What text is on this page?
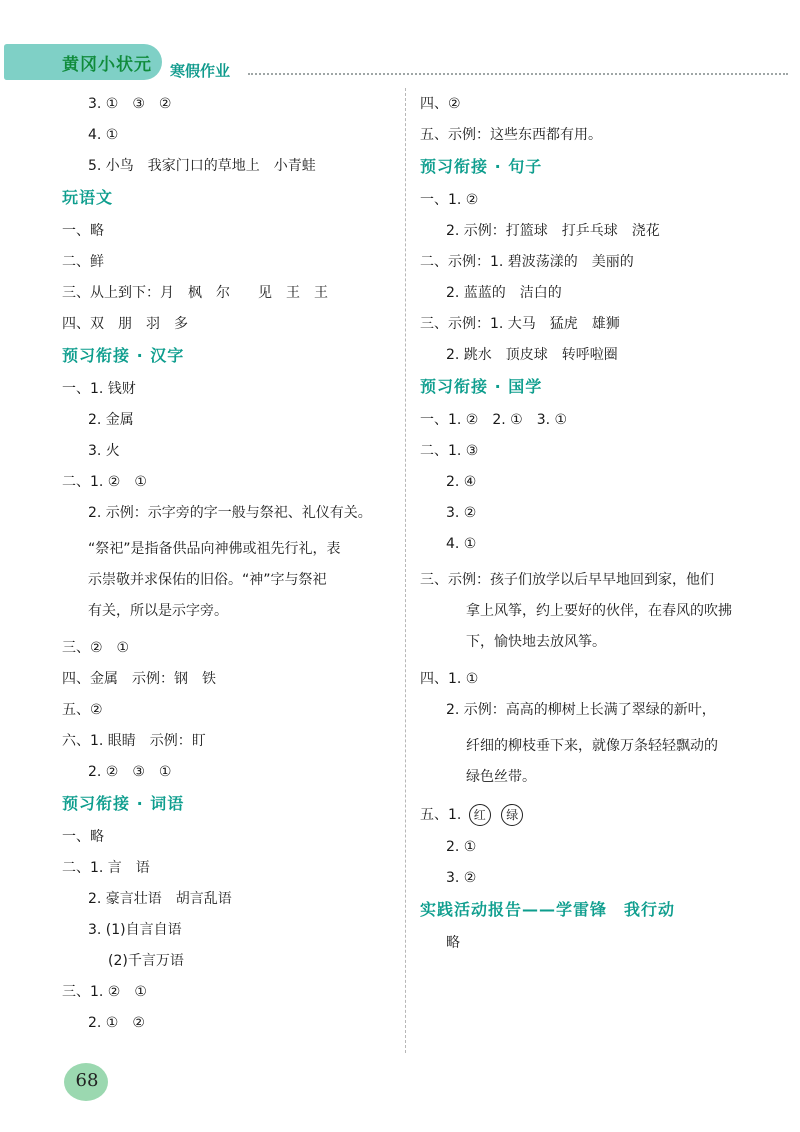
黄冈小状元 寒假作业
3. ①　③　②
4. ①
5. 小鸟　我家门口的草地上　小青蛙
玩语文
一、略
二、鲜
三、从上到下：月　枫　尔　　见　王　王
四、双　朋　羽　多
预习衔接 · 汉字
一、1. 钱财
2. 金属
3. 火
二、1. ②　①
2. 示例：示字旁的字一般与祭祀、礼仪有关。
“祭祀”是指备供品向神佛或祖先行礼，表
示崇敬并求保佑的旧俗。“神”字与祭祀
有关，所以是示字旁。
三、②　①
四、金属　示例：钢　铁
五、②
六、1. 眼睛　示例：盯
2. ②　③　①
预习衔接 · 词语
一、略
二、1. 言　语
2. 豪言壮语　胡言乱语
3. (1)自言自语
(2)千言万语
三、1. ②　①
2. ①　②
四、②
五、示例：这些东西都有用。
预习衔接 · 句子
一、1. ②
2. 示例：打篮球　打乒乓球　浇花
二、示例：1. 碧波荡漾的　美丽的
2. 蓝蓝的　洁白的
三、示例：1. 大马　猛虎　雄狮
2. 跳水　顶皮球　转呼啦圈
预习衔接 · 国学
一、1. ②　2. ①　3. ①
二、1. ③
2. ④
3. ②
4. ①
三、示例：孩子们放学以后早早地回到家，他们
拿上风筝，约上要好的伙伴，在春风的吹拂
下，愉快地去放风筝。
四、1. ①
2. 示例：高高的柳树上长满了翠绿的新叶，
纤细的柳枝垂下来，就像万条轻轻飘动的
绿色丝带。
五、1. 红 绿
2. ①
3. ②
实践活动报告——学雷锋　我行动
略
68
